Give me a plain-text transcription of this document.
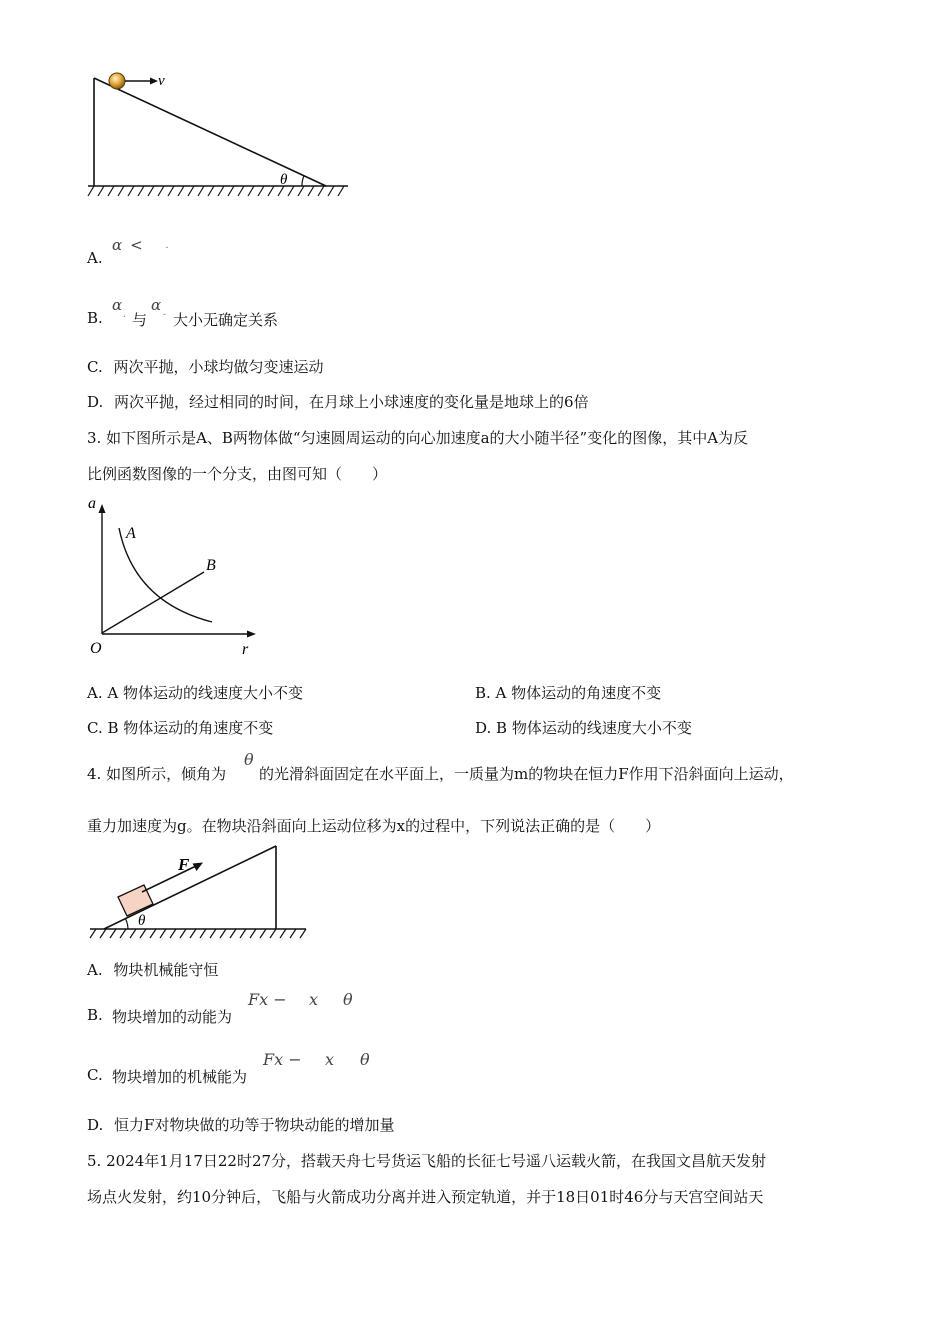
θ
v
A.
α <	-
B.
α
. 与
α
- 大小无确定关系
C. 两次平抛，小球均做匀变速运动
D. 两次平抛，经过相同的时间，在月球上小球速度的变化量是地球上的6倍
3. 如下图所示是A、B两物体做“匀速圆周运动的向心加速度a的大小随半径”变化的图像，其中A为反
比例函数图像的一个分支，由图可知（　　）
a
r
O
A
B
A. A 物体运动的线速度大小不变	B. A 物体运动的角速度不变
C. B 物体运动的角速度不变	D. B 物体运动的线速度大小不变
4. 如图所示，倾角为
θ
的光滑斜面固定在水平面上，一质量为m的物块在恒力F作用下沿斜面向上运动，
重力加速度为g。在物块沿斜面向上运动位移为x的过程中，下列说法正确的是（　　）
F
θ
A. 物块机械能守恒
B. 物块增加的动能为
Fx − x θ
C. 物块增加的机械能为
Fx − x θ
D. 恒力F对物块做的功等于物块动能的增加量
5. 2024年1月17日22时27分，搭载天舟七号货运飞船的长征七号遥八运载火箭，在我国文昌航天发射
场点火发射，约10分钟后，飞船与火箭成功分离并进入预定轨道，并于18日01时46分与天宫空间站天
